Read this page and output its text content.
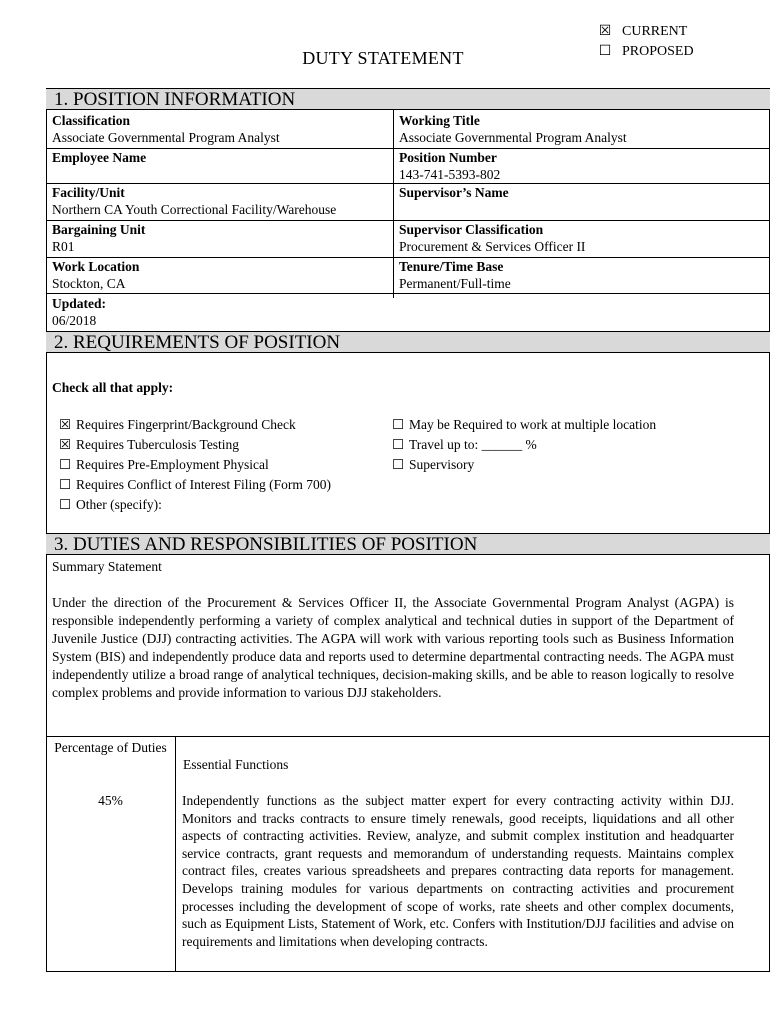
☒ CURRENT
☐ PROPOSED
DUTY STATEMENT
1. POSITION INFORMATION
Classification
Associate Governmental Program Analyst
Working Title
Associate Governmental Program Analyst
Employee Name	Position Number
143-741-5393-802
Facility/Unit
Northern CA Youth Correctional Facility/Warehouse
Supervisor’s Name
Bargaining Unit
R01
Supervisor Classification
Procurement & Services Officer II
Work Location
Stockton, CA
Tenure/Time Base
Permanent/Full-time
Updated:
06/2018
2. REQUIREMENTS OF POSITION
Check all that apply:
☒ Requires Fingerprint/Background Check
☒ Requires Tuberculosis Testing
☐ Requires Pre-Employment Physical
☐ Requires Conflict of Interest Filing (Form 700)
☐ Other (specify):
☐ May be Required to work at multiple location
☐ Travel up to: ______ %
☐ Supervisory
3. DUTIES AND RESPONSIBILITIES OF POSITION
Summary Statement
Under the direction of the Procurement & Services Officer II, the Associate Governmental Program Analyst (AGPA) is responsible independently performing a variety of complex analytical and technical duties in support of the Department of Juvenile Justice (DJJ) contracting activities. The AGPA will work with various reporting tools such as Business Information System (BIS) and independently produce data and reports used to determine departmental contracting needs. The AGPA must independently utilize a broad range of analytical techniques, decision-making skills, and be able to reason logically to resolve complex problems and provide information to various DJJ stakeholders.
Percentage of Duties
Essential Functions
45%	Independently functions as the subject matter expert for every contracting activity within DJJ. Monitors and tracks contracts to ensure timely renewals, good receipts, liquidations and all other aspects of contracting activities. Review, analyze, and submit complex institution and headquarter service contracts, grant requests and memorandum of understanding requests. Maintains complex contract files, creates various spreadsheets and prepares contracting data reports for management. Develops training modules for various departments on contracting activities and procurement processes including the development of scope of works, rate sheets and other complex documents, such as Equipment Lists, Statement of Work, etc. Confers with Institution/DJJ facilities and advise on requirements and limitations when developing contracts.
